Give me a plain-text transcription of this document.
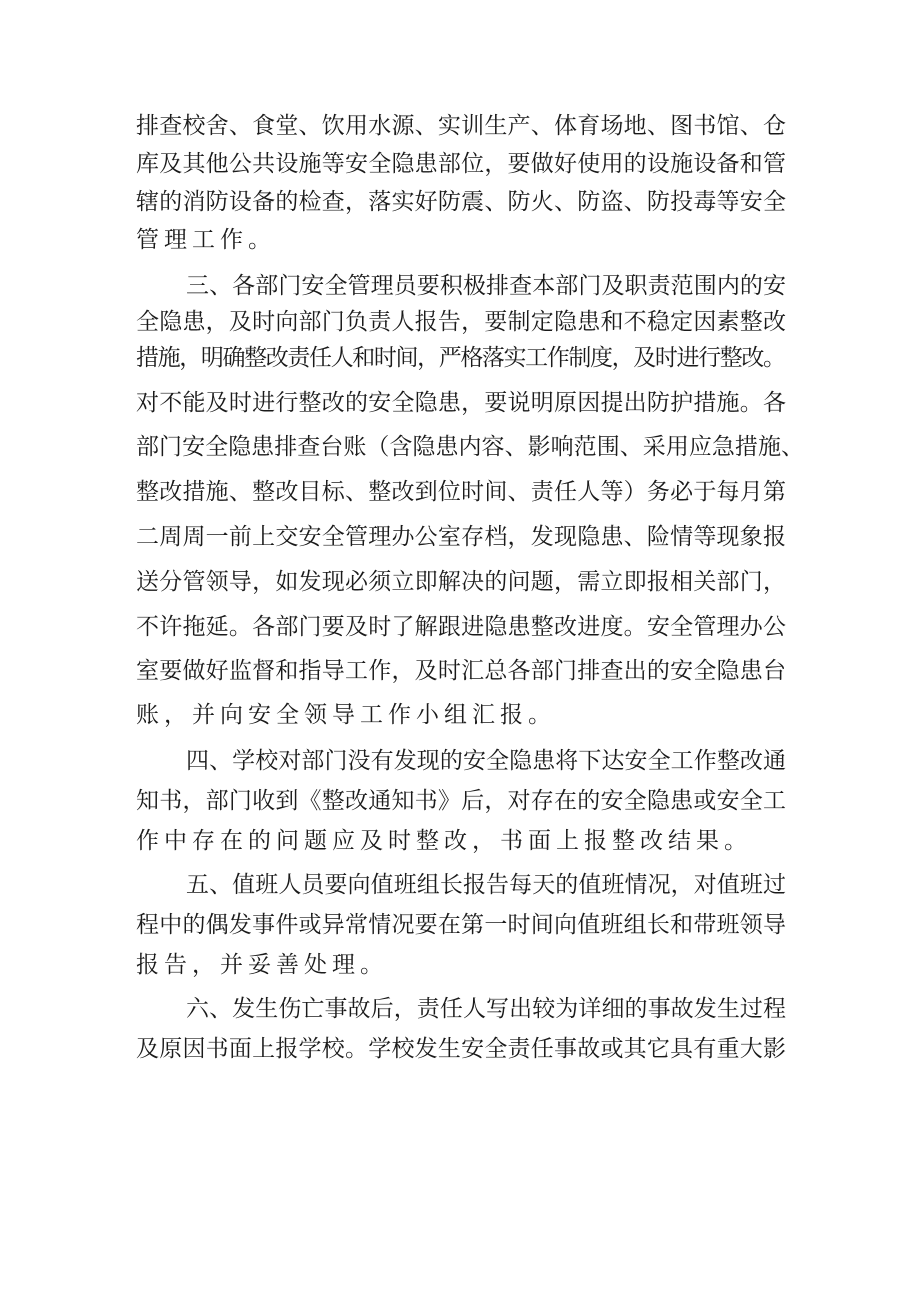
排查校舍、食堂、饮用水源、实训生产、体育场地、图书馆、仓

库及其他公共设施等安全隐患部位，要做好使用的设施设备和管

辖的消防设备的检查，落实好防震、防火、防盗、防投毒等安全

管理工作。

三、各部门安全管理员要积极排查本部门及职责范围内的安

全隐患，及时向部门负责人报告，要制定隐患和不稳定因素整改

措施，明确整改责任人和时间，严格落实工作制度，及时进行整改。

对不能及时进行整改的安全隐患，要说明原因提出防护措施。各

部门安全隐患排查台账（含隐患内容、影响范围、采用应急措施、

整改措施、整改目标、整改到位时间、责任人等）务必于每月第

二周周一前上交安全管理办公室存档，发现隐患、险情等现象报

送分管领导，如发现必须立即解决的问题，需立即报相关部门，

不许拖延。各部门要及时了解跟进隐患整改进度。安全管理办公

室要做好监督和指导工作，及时汇总各部门排查出的安全隐患台

账，并向安全领导工作小组汇报。

四、学校对部门没有发现的安全隐患将下达安全工作整改通

知书，部门收到《整改通知书》后，对存在的安全隐患或安全工

作中存在的问题应及时整改，书面上报整改结果。

五、值班人员要向值班组长报告每天的值班情况，对值班过

程中的偶发事件或异常情况要在第一时间向值班组长和带班领导

报告，并妥善处理。

六、发生伤亡事故后，责任人写出较为详细的事故发生过程

及原因书面上报学校。学校发生安全责任事故或其它具有重大影
